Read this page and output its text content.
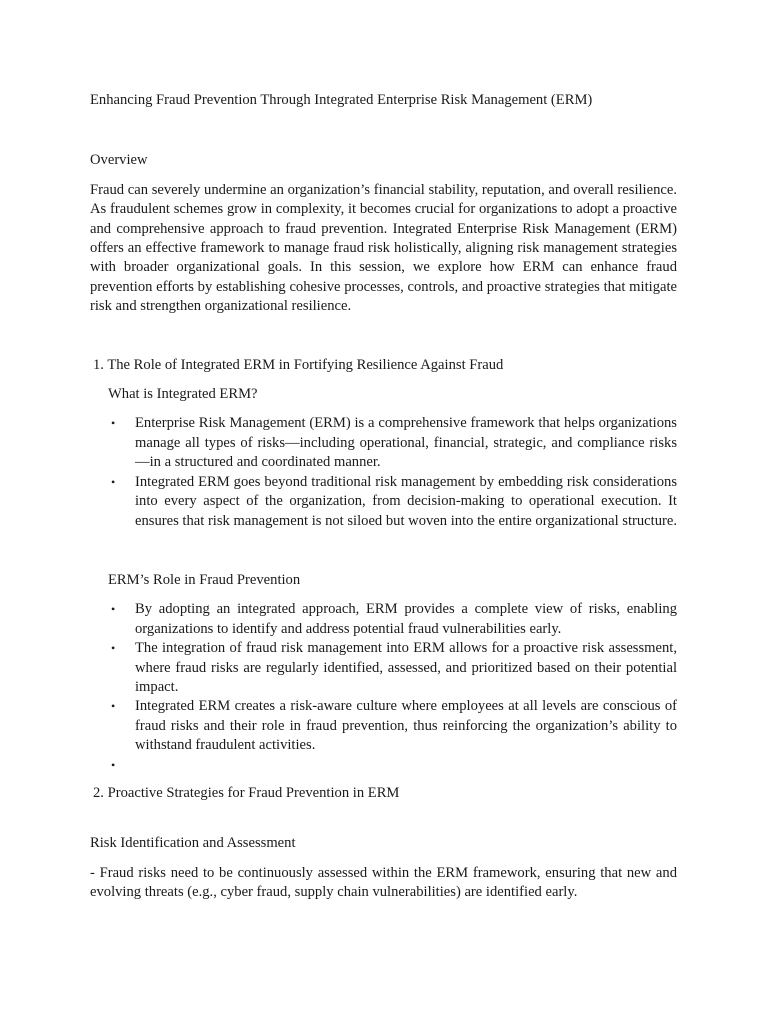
Enhancing Fraud Prevention Through Integrated Enterprise Risk Management (ERM)

Overview

Fraud can severely undermine an organization’s financial stability, reputation, and overall resilience. As fraudulent schemes grow in complexity, it becomes crucial for organizations to adopt a proactive and comprehensive approach to fraud prevention. Integrated Enterprise Risk Management (ERM) offers an effective framework to manage fraud risk holistically, aligning risk management strategies with broader organizational goals. In this session, we explore how ERM can enhance fraud prevention efforts by establishing cohesive processes, controls, and proactive strategies that mitigate risk and strengthen organizational resilience.

1. The Role of Integrated ERM in Fortifying Resilience Against Fraud

What is Integrated ERM?

• Enterprise Risk Management (ERM) is a comprehensive framework that helps organizations manage all types of risks—including operational, financial, strategic, and compliance risks—in a structured and coordinated manner.
• Integrated ERM goes beyond traditional risk management by embedding risk considerations into every aspect of the organization, from decision-making to operational execution. It ensures that risk management is not siloed but woven into the entire organizational structure.

ERM’s Role in Fraud Prevention

• By adopting an integrated approach, ERM provides a complete view of risks, enabling organizations to identify and address potential fraud vulnerabilities early.
• The integration of fraud risk management into ERM allows for a proactive risk assessment, where fraud risks are regularly identified, assessed, and prioritized based on their potential impact.
• Integrated ERM creates a risk-aware culture where employees at all levels are conscious of fraud risks and their role in fraud prevention, thus reinforcing the organization’s ability to withstand fraudulent activities.
•

2. Proactive Strategies for Fraud Prevention in ERM

Risk Identification and Assessment

- Fraud risks need to be continuously assessed within the ERM framework, ensuring that new and evolving threats (e.g., cyber fraud, supply chain vulnerabilities) are identified early.
